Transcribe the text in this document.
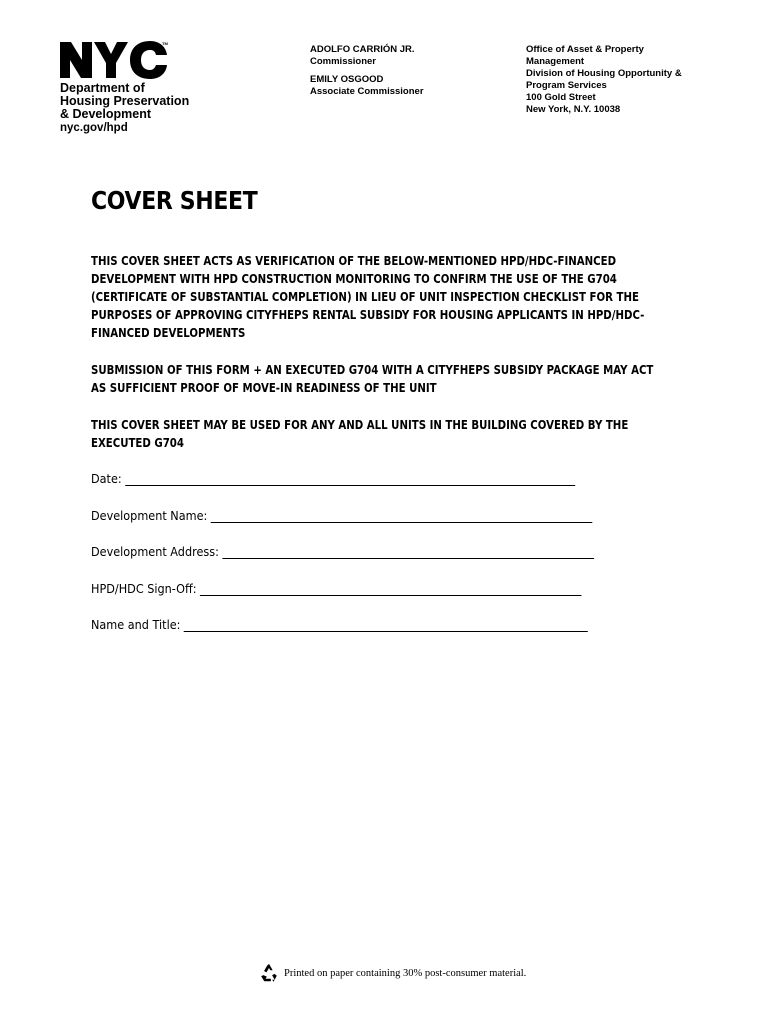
TM
Department of
Housing Preservation
& Development
nyc.gov/hpd
ADOLFO CARRIÓN JR.
Commissioner
EMILY OSGOOD
Associate Commissioner
Office of Asset & Property
Management
Division of Housing Opportunity &
Program Services
100 Gold Street
New York, N.Y. 10038
COVER SHEET
THIS COVER SHEET ACTS AS VERIFICATION OF THE BELOW-MENTIONED HPD/HDC-FINANCED DEVELOPMENT WITH HPD CONSTRUCTION MONITORING TO CONFIRM THE USE OF THE G704 (CERTIFICATE OF SUBSTANTIAL COMPLETION) IN LIEU OF UNIT INSPECTION CHECKLIST FOR THE PURPOSES OF APPROVING CITYFHEPS RENTAL SUBSIDY FOR HOUSING APPLICANTS IN HPD/HDC-FINANCED DEVELOPMENTS
SUBMISSION OF THIS FORM + AN EXECUTED G704 WITH A CITYFHEPS SUBSIDY PACKAGE MAY ACT AS SUFFICIENT PROOF OF MOVE-IN READINESS OF THE UNIT
THIS COVER SHEET MAY BE USED FOR ANY AND ALL UNITS IN THE BUILDING COVERED BY THE EXECUTED G704
Date:
Development Name:
Development Address:
HPD/HDC Sign-Off:
Name and Title:
Printed on paper containing 30% post-consumer material.
